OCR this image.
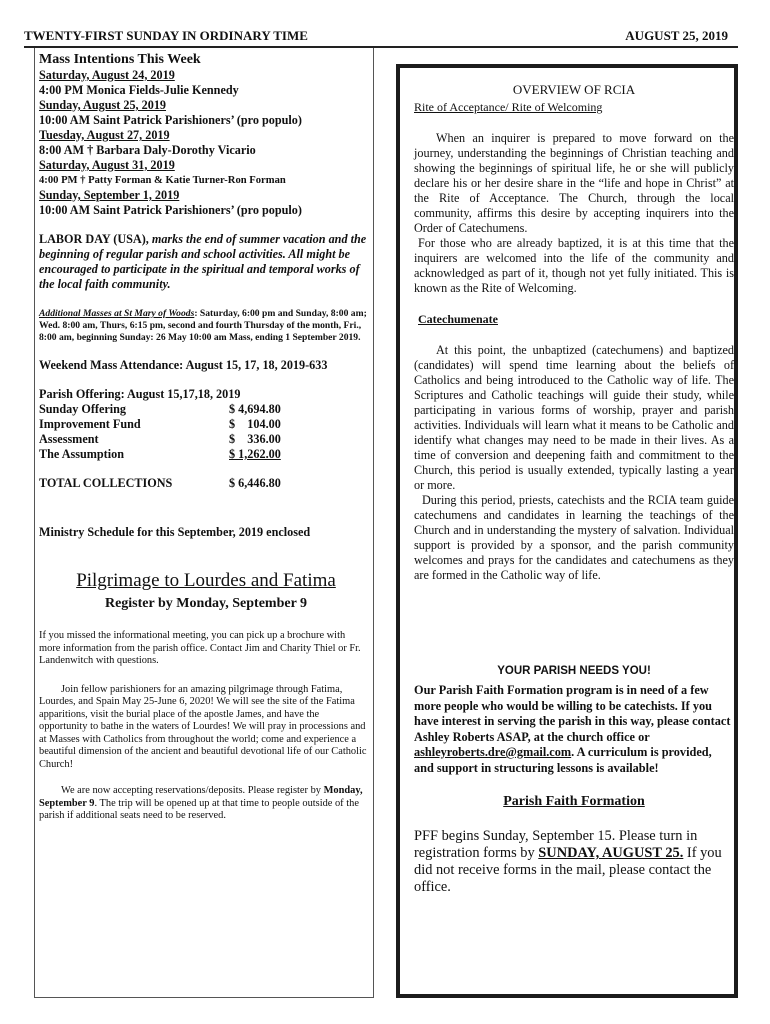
TWENTY-FIRST SUNDAY IN ORDINARY TIME	AUGUST 25, 2019
Mass Intentions This Week
Saturday, August 24, 2019
4:00 PM Monica Fields-Julie Kennedy
Sunday, August 25, 2019
10:00 AM Saint Patrick Parishioners’ (pro populo)
Tuesday, August 27, 2019
8:00 AM † Barbara Daly-Dorothy Vicario
Saturday, August 31, 2019
4:00 PM † Patty Forman & Katie Turner-Ron Forman
Sunday, September 1, 2019
10:00 AM Saint Patrick Parishioners’ (pro populo)
LABOR DAY (USA), marks the end of summer vacation and the beginning of regular parish and school activities. All might be encouraged to participate in the spiritual and temporal works of the local faith community.
Additional Masses at St Mary of Woods: Saturday, 6:00 pm and Sunday, 8:00 am; Wed. 8:00 am, Thurs, 6:15 pm, second and fourth Thursday of the month, Fri., 8:00 am, beginning Sunday: 26 May 10:00 am Mass, ending 1 September 2019.
Weekend Mass Attendance: August 15, 17, 18, 2019-633
Parish Offering: August 15,17,18, 2019
Sunday Offering	$ 4,694.80
Improvement Fund	$    104.00
Assessment	$    336.00
The Assumption	$ 1,262.00

TOTAL COLLECTIONS	$ 6,446.80
Ministry Schedule for this September, 2019 enclosed
Pilgrimage to Lourdes and Fatima
Register by Monday, September 9
If you missed the informational meeting, you can pick up a brochure with more information from the parish office. Contact Jim and Charity Thiel or Fr. Landenwitch with questions.
Join fellow parishioners for an amazing pilgrimage through Fatima, Lourdes, and Spain May 25-June 6, 2020! We will see the site of the Fatima apparitions, visit the burial place of the apostle James, and have the opportunity to bathe in the waters of Lourdes! We will pray in processions and at Masses with Catholics from throughout the world; come and experience a beautiful dimension of the ancient and beautiful devotional life of our Catholic Church!
We are now accepting reservations/deposits. Please register by Monday, September 9. The trip will be opened up at that time to people outside of the parish if additional seats need to be reserved.
OVERVIEW OF RCIA
Rite of Acceptance/ Rite of Welcoming
When an inquirer is prepared to move forward on the journey, understanding the beginnings of Christian teaching and showing the beginnings of spiritual life, he or she will publicly declare his or her desire share in the “life and hope in Christ” at the Rite of Acceptance. The Church, through the local community, affirms this desire by accepting inquirers into the Order of Catechumens.
For those who are already baptized, it is at this time that the inquirers are welcomed into the life of the community and acknowledged as part of it, though not yet fully initiated. This is known as the Rite of Welcoming.
Catechumenate
At this point, the unbaptized (catechumens) and baptized (candidates) will spend time learning about the beliefs of Catholics and being introduced to the Catholic way of life. The Scriptures and Catholic teachings will guide their study, while participating in various forms of worship, prayer and parish activities. Individuals will learn what it means to be Catholic and identify what changes may need to be made in their lives. As a time of conversion and deepening faith and commitment to the Church, this period is usually extended, typically lasting a year or more.
During this period, priests, catechists and the RCIA team guide catechumens and candidates in learning the teachings of the Church and in understanding the mystery of salvation. Individual support is provided by a sponsor, and the parish community welcomes and prays for the candidates and catechumens as they are formed in the Catholic way of life.
YOUR PARISH NEEDS YOU!
Our Parish Faith Formation program is in need of a few more people who would be willing to be catechists. If you have interest in serving the parish in this way, please contact Ashley Roberts ASAP, at the church office or ashleyroberts.dre@gmail.com. A curriculum is provided, and support in structuring lessons is available!
Parish Faith Formation
PFF begins Sunday, September 15. Please turn in registration forms by SUNDAY, AUGUST 25. If you did not receive forms in the mail, please contact the office.
